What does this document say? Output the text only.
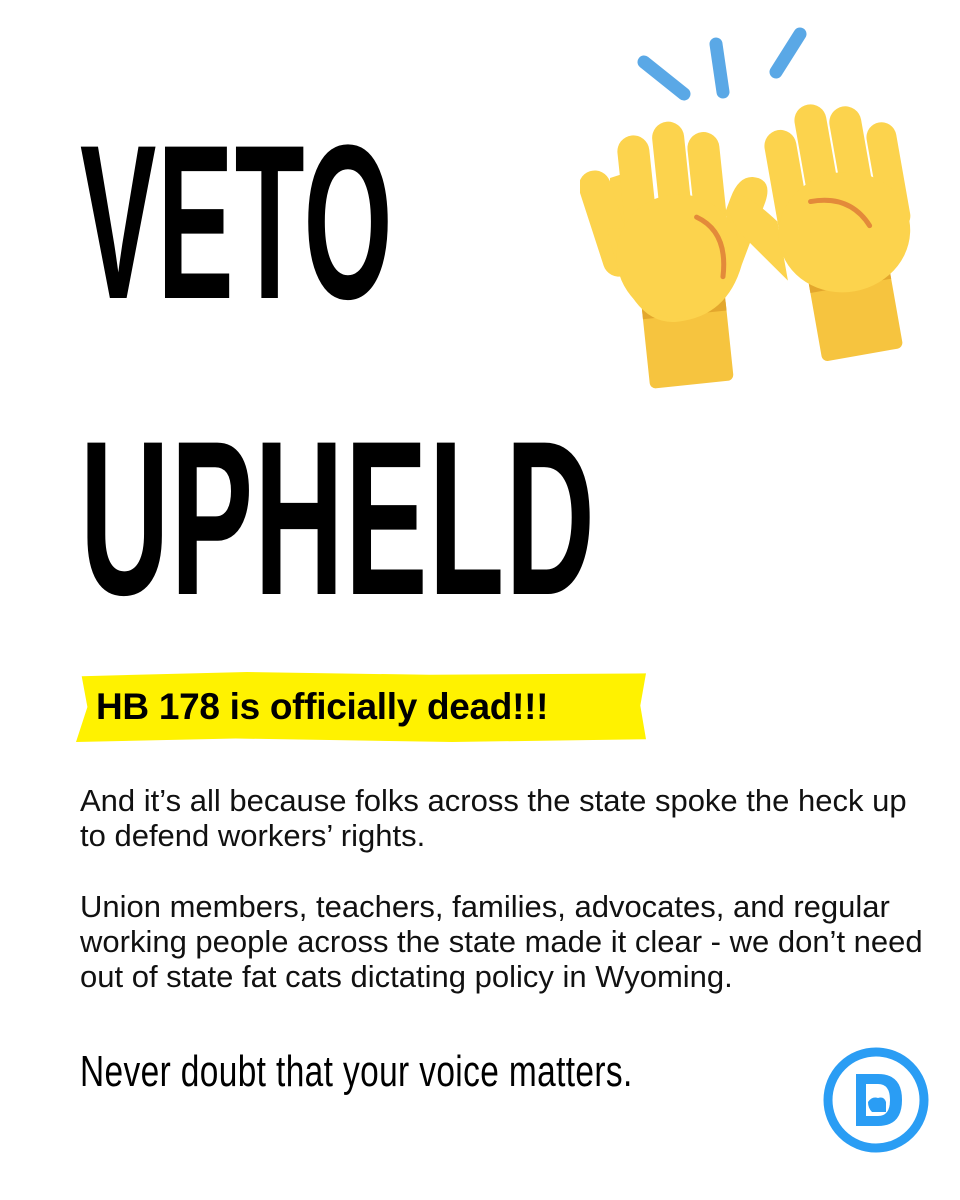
VETO
UPHELD

HB 178 is officially dead!!!

And it’s all because folks across the state spoke the heck up to defend workers’ rights.

Union members, teachers, families, advocates, and regular working people across the state made it clear - we don’t need out of state fat cats dictating policy in Wyoming.

Never doubt that your voice matters.
